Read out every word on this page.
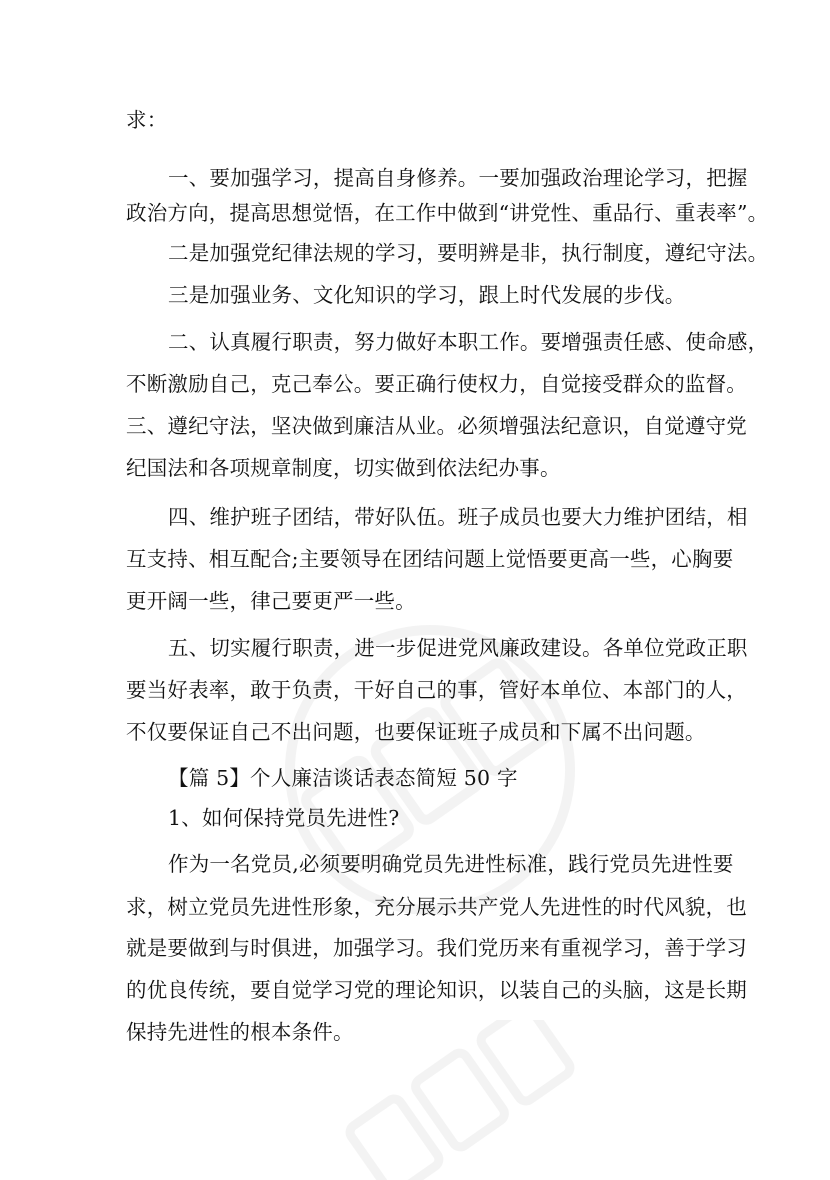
求：
一、要加强学习，提高自身修养。一要加强政治理论学习，把握
政治方向，提高思想觉悟，在工作中做到“讲党性、重品行、重表率”。
二是加强党纪律法规的学习，要明辨是非，执行制度，遵纪守法。
三是加强业务、文化知识的学习，跟上时代发展的步伐。
二、认真履行职责，努力做好本职工作。要增强责任感、使命感，
不断激励自己，克己奉公。要正确行使权力，自觉接受群众的监督。
三、遵纪守法，坚决做到廉洁从业。必须增强法纪意识，自觉遵守党
纪国法和各项规章制度，切实做到依法纪办事。
四、维护班子团结，带好队伍。班子成员也要大力维护团结，相
互支持、相互配合;主要领导在团结问题上觉悟要更高一些，心胸要
更开阔一些，律己要更严一些。
五、切实履行职责，进一步促进党风廉政建设。各单位党政正职
要当好表率，敢于负责，干好自己的事，管好本单位、本部门的人，
不仅要保证自己不出问题，也要保证班子成员和下属不出问题。
【篇 5】个人廉洁谈话表态简短 50 字
1、如何保持党员先进性?
作为一名党员,必须要明确党员先进性标准，践行党员先进性要
求，树立党员先进性形象，充分展示共产党人先进性的时代风貌，也
就是要做到与时俱进，加强学习。我们党历来有重视学习，善于学习
的优良传统，要自觉学习党的理论知识，以装自己的头脑，这是长期
保持先进性的根本条件。
